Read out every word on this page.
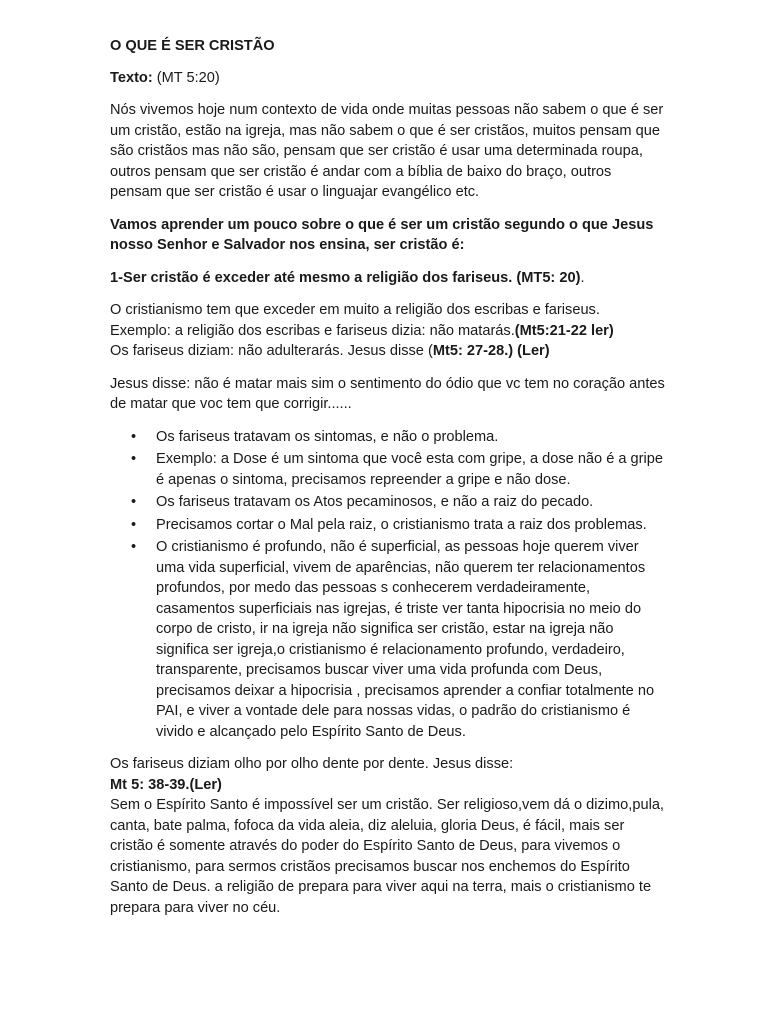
O QUE É SER CRISTÃO

Texto: (MT 5:20)

Nós vivemos hoje num contexto de vida onde muitas pessoas não sabem o que é ser um cristão, estão na igreja, mas não sabem o que é ser cristãos, muitos pensam que são cristãos mas não são, pensam que ser cristão é usar uma determinada roupa, outros pensam que ser cristão é andar com a bíblia de baixo do braço, outros pensam que ser cristão é usar o linguajar evangélico etc.

Vamos aprender um pouco sobre o que é ser um cristão segundo o que Jesus nosso Senhor e Salvador nos ensina, ser cristão é:

1-Ser cristão é exceder até mesmo a religião dos fariseus. (MT5: 20).

O cristianismo tem que exceder em muito a religião dos escribas e fariseus.
Exemplo: a religião dos escribas e fariseus dizia: não matarás.(Mt5:21-22 ler)
Os fariseus diziam: não adulterarás. Jesus disse (Mt5: 27-28.) (Ler)

Jesus disse: não é matar mais sim o sentimento do ódio que vc tem no coração antes de matar que voc tem que corrigir......

• Os fariseus tratavam os sintomas, e não o problema.
• Exemplo: a Dose é um sintoma que você esta com gripe, a dose não é a gripe é apenas o sintoma, precisamos repreender a gripe e não dose.
• Os fariseus tratavam os Atos pecaminosos, e não a raiz do pecado.
• Precisamos cortar o Mal pela raiz, o cristianismo trata a raiz dos problemas.
• O cristianismo é profundo, não é superficial, as pessoas hoje querem viver uma vida superficial, vivem de aparências, não querem ter relacionamentos profundos, por medo das pessoas s conhecerem verdadeiramente, casamentos superficiais nas igrejas, é triste ver tanta hipocrisia no meio do corpo de cristo, ir na igreja não significa ser cristão, estar na igreja não significa ser igreja,o cristianismo é relacionamento profundo, verdadeiro, transparente, precisamos buscar viver uma vida profunda com Deus, precisamos deixar a hipocrisia , precisamos aprender a confiar totalmente no PAI, e viver a vontade dele para nossas vidas, o padrão do cristianismo é vivido e alcançado pelo Espírito Santo de Deus.

Os fariseus diziam olho por olho dente por dente. Jesus disse:
Mt 5: 38-39.(Ler)
Sem o Espírito Santo é impossível ser um cristão. Ser religioso,vem dá o dizimo,pula, canta, bate palma, fofoca da vida aleia, diz aleluia, gloria Deus, é fácil, mais ser cristão é somente através do poder do Espírito Santo de Deus, para vivemos o cristianismo, para sermos cristãos precisamos buscar nos enchemos do Espírito Santo de Deus. a religião de prepara para viver aqui na terra, mais o cristianismo te prepara para viver no céu.
